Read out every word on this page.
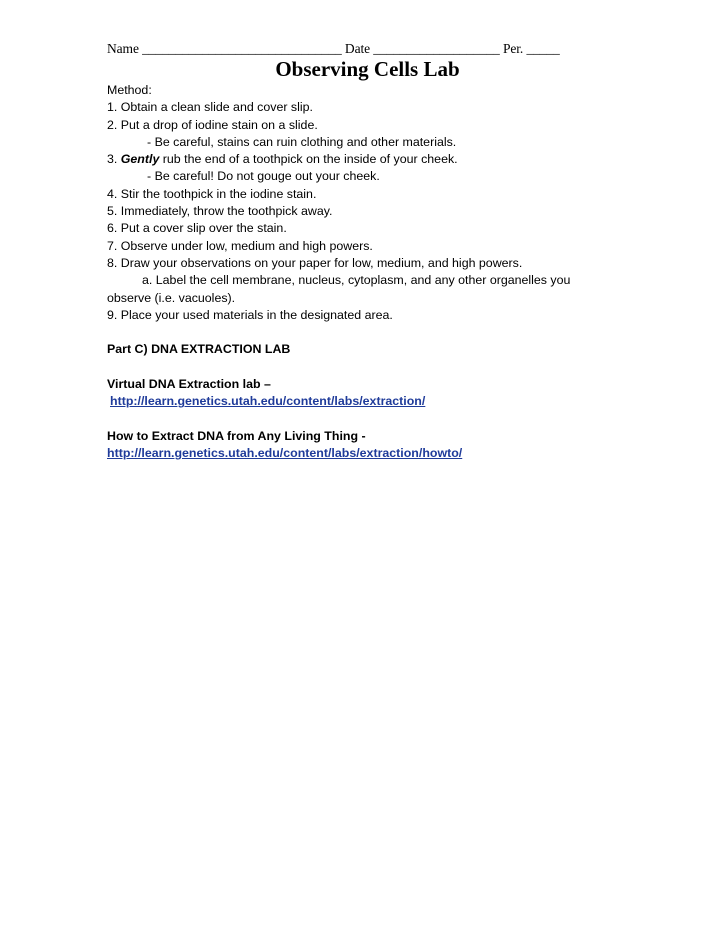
Name ______________________________ Date ___________________ Per. _____
Observing Cells Lab
Method:
1. Obtain a clean slide and cover slip.
2. Put a drop of iodine stain on a slide.
- Be careful, stains can ruin clothing and other materials.
3. Gently rub the end of a toothpick on the inside of your cheek.
- Be careful! Do not gouge out your cheek.
4. Stir the toothpick in the iodine stain.
5. Immediately, throw the toothpick away.
6. Put a cover slip over the stain.
7. Observe under low, medium and high powers.
8. Draw your observations on your paper for low, medium, and high powers.
a. Label the cell membrane, nucleus, cytoplasm, and any other organelles you
observe (i.e. vacuoles).
9. Place your used materials in the designated area.
Part C) DNA EXTRACTION LAB
Virtual DNA Extraction lab –
http://learn.genetics.utah.edu/content/labs/extraction/
How to Extract DNA from Any Living Thing -
http://learn.genetics.utah.edu/content/labs/extraction/howto/
